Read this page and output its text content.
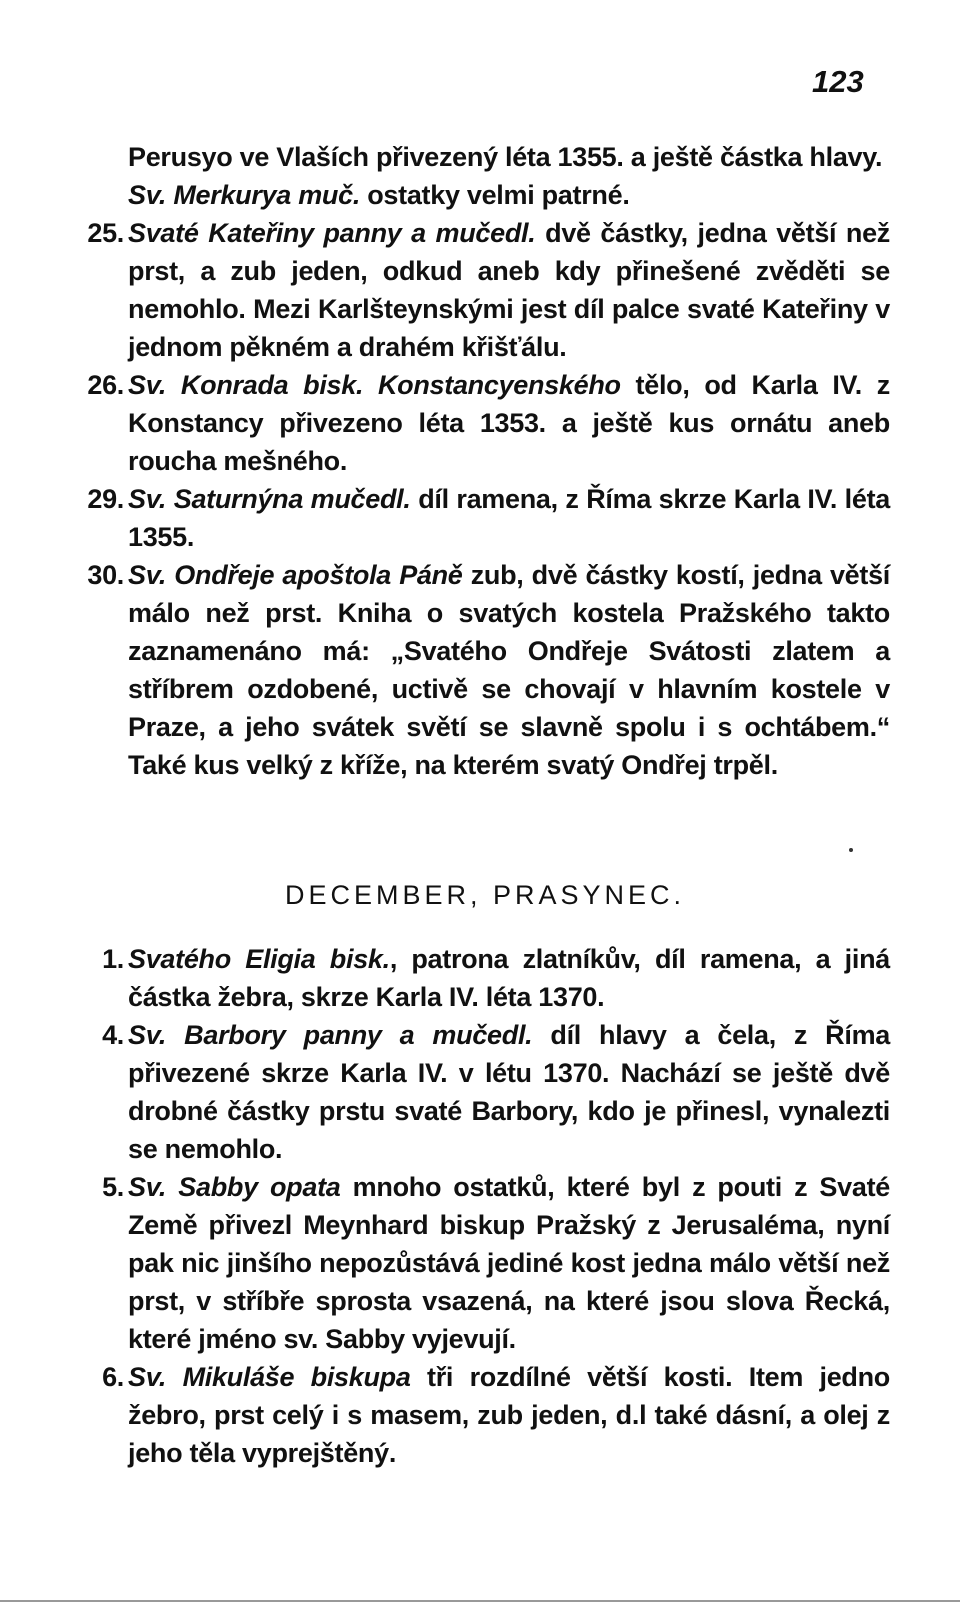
123
Perusyo ve Vlaších přivezený léta 1355. a ještě částka hlavy.
Sv. Merkurya muč. ostatky velmi patrné.
25. Svaté Kateřiny panny a mučedl. dvě částky, jedna větší než prst, a zub jeden, odkud aneb kdy přinešené zvěděti se nemohlo. Mezi Karlšteynskými jest díl palce svaté Kateřiny v jednom pěkném a drahém křišťálu.
26. Sv. Konrada bisk. Konstancyenského tělo, od Karla IV. z Konstancy přivezeno léta 1353. a ještě kus ornátu aneb roucha mešného.
29. Sv. Saturnýna mučedl. díl ramena, z Říma skrze Karla IV. léta 1355.
30. Sv. Ondřeje apoštola Páně zub, dvě částky kostí, jedna větší málo než prst. Kniha o svatých kostela Pražského takto zaznamenáno má: „Svatého Ondřeje Svátosti zlatem a stříbrem ozdobené, uctivě se chovají v hlavním kostele v Praze, a jeho svátek světí se slavně spolu i s ochtábem.“ Také kus velký z kříže, na kterém svatý Ondřej trpěl.
DECEMBER, PRASYNEC.
1. Svatého Eligia bisk., patrona zlatníkův, díl ramena, a jiná částka žebra, skrze Karla IV. léta 1370.
4. Sv. Barbory panny a mučedl. díl hlavy a čela, z Říma přivezené skrze Karla IV. v létu 1370. Nachází se ještě dvě drobné částky prstu svaté Barbory, kdo je přinesl, vynalezti se nemohlo.
5. Sv. Sabby opata mnoho ostatků, které byl z pouti z Svaté Země přivezl Meynhard biskup Pražský z Jerusaléma, nyní pak nic jinšího nepozůstává jediné kost jedna málo větší než prst, v stříbře sprosta vsazená, na které jsou slova Řecká, které jméno sv. Sabby vyjevují.
6. Sv. Mikuláše biskupa tři rozdílné větší kosti. Item jedno žebro, prst celý i s masem, zub jeden, d.l také dásní, a olej z jeho těla vyprejštěný.
